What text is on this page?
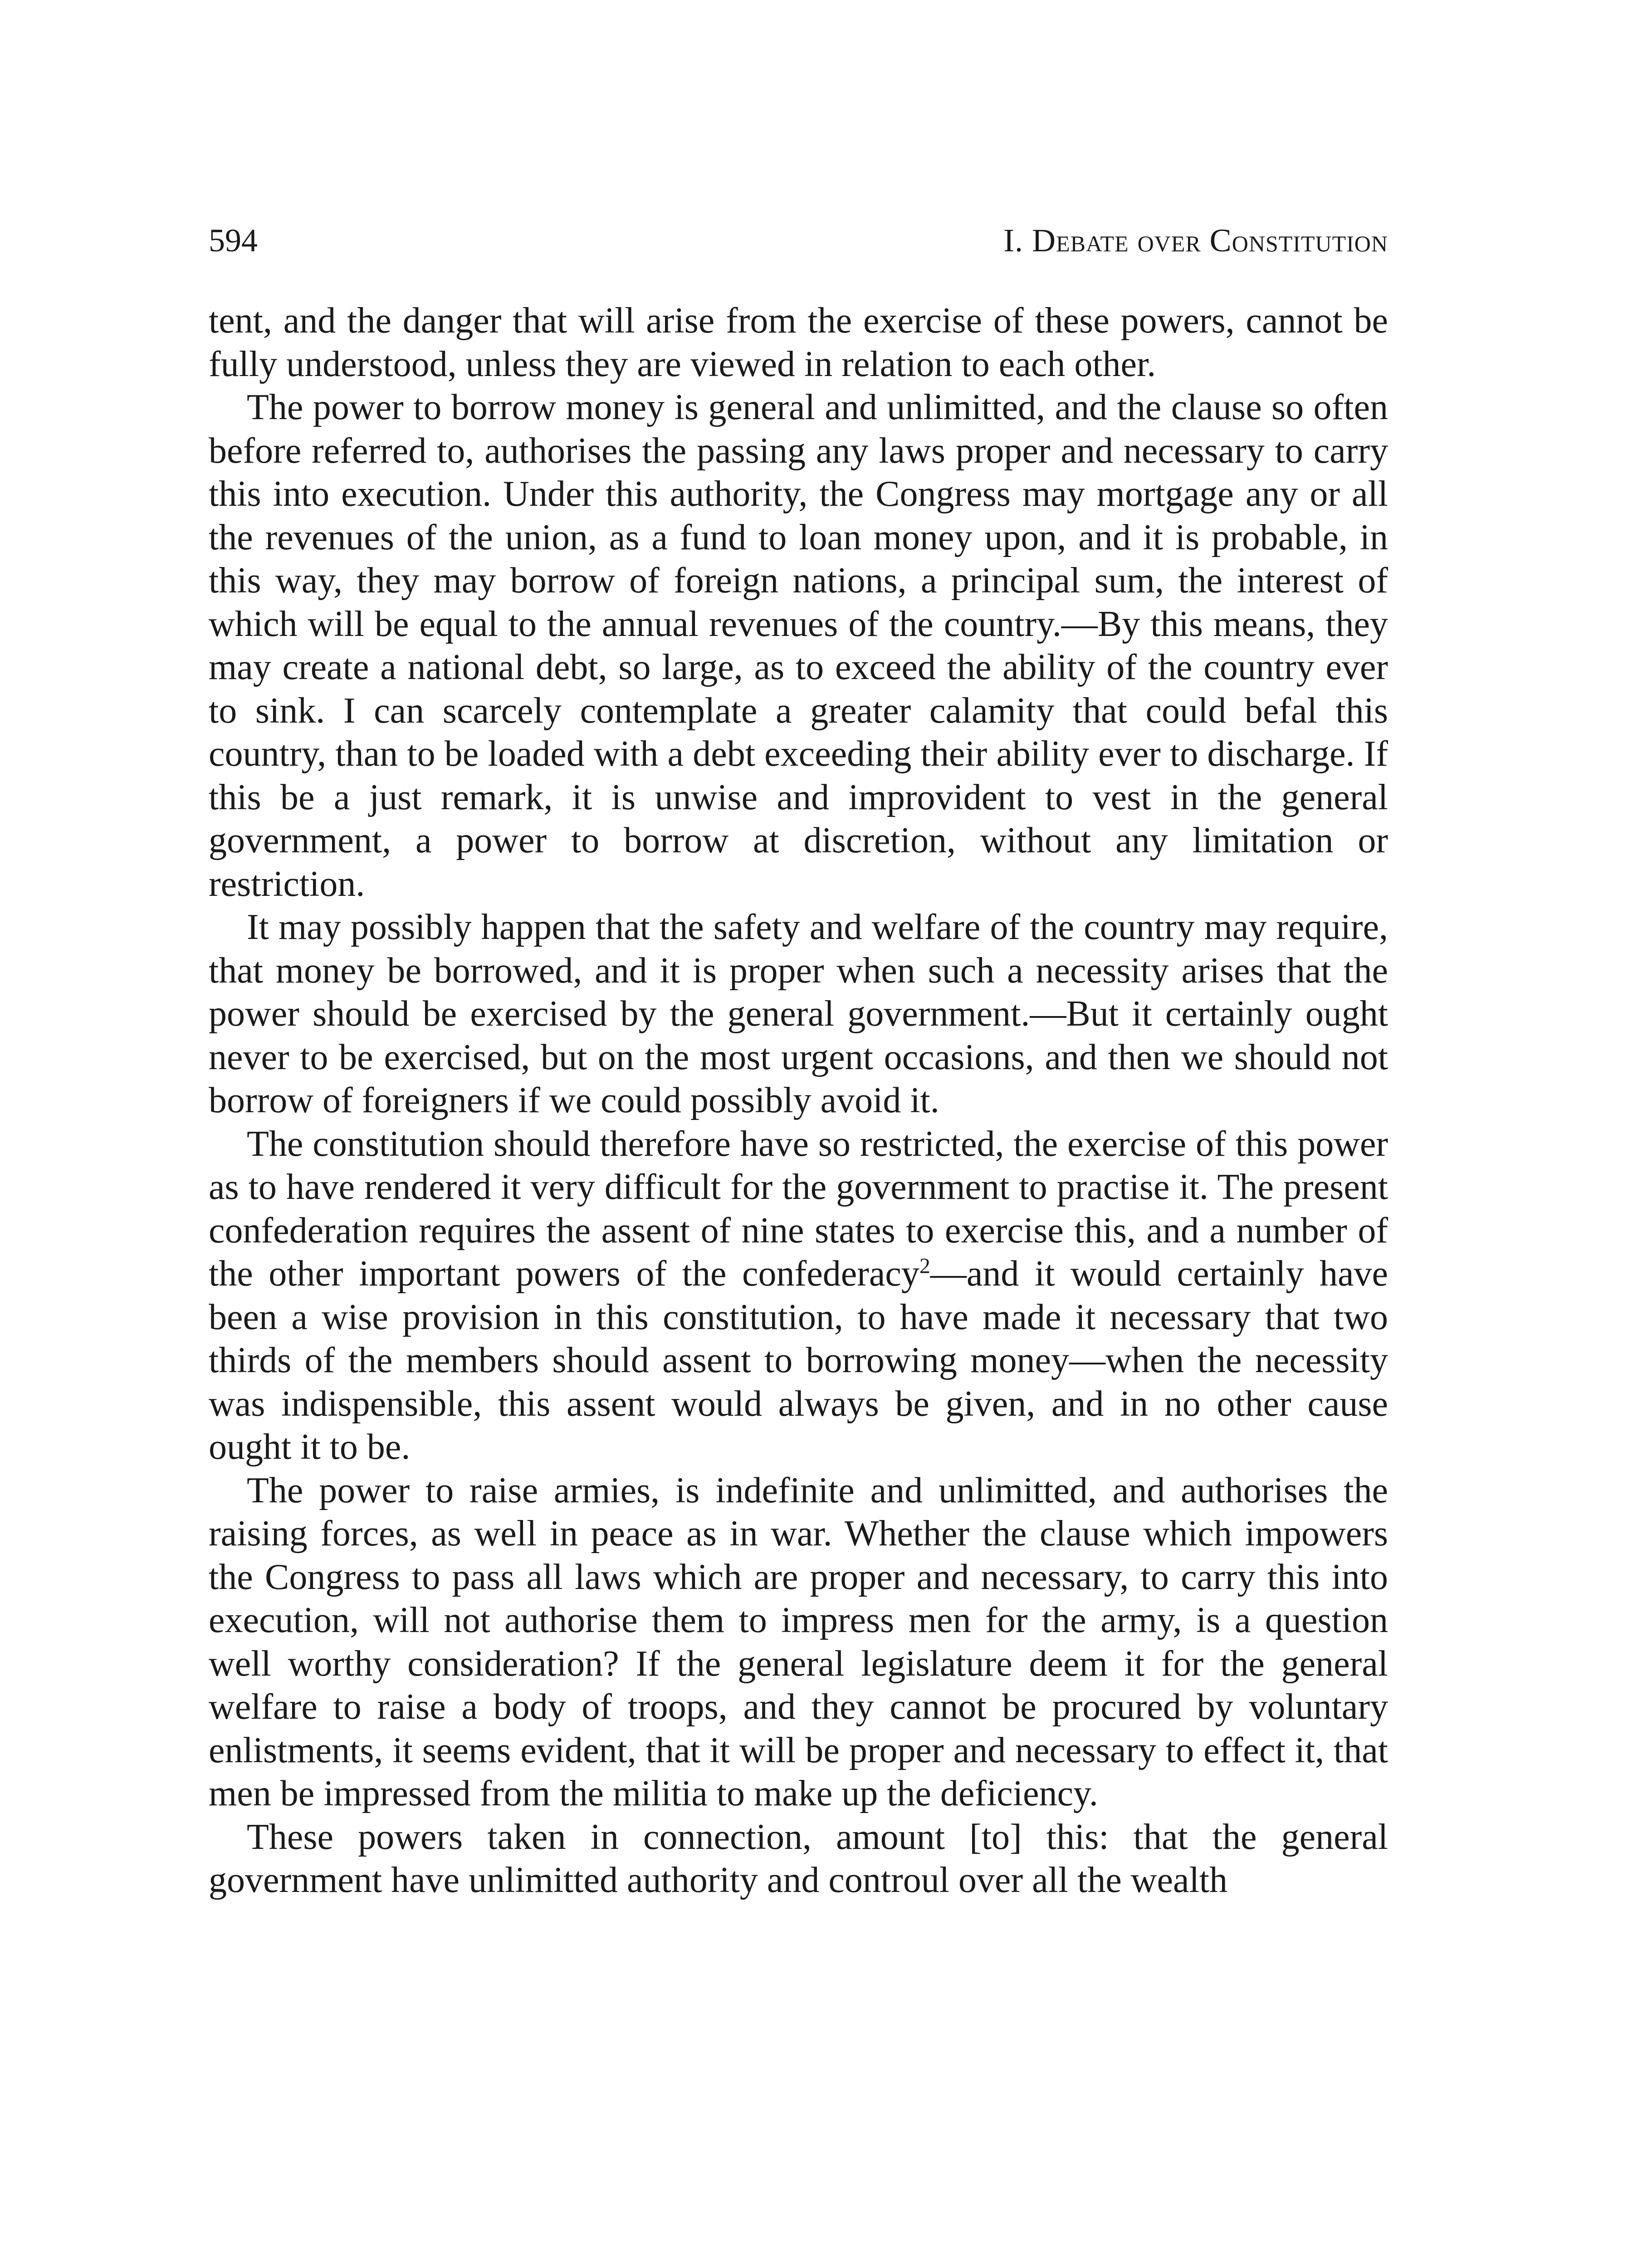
594	I. Debate over Constitution

tent, and the danger that will arise from the exercise of these powers, cannot be fully understood, unless they are viewed in relation to each other.

The power to borrow money is general and unlimitted, and the clause so often before referred to, authorises the passing any laws proper and necessary to carry this into execution. Under this authority, the Congress may mortgage any or all the revenues of the union, as a fund to loan money upon, and it is probable, in this way, they may borrow of foreign nations, a principal sum, the interest of which will be equal to the annual revenues of the country.—By this means, they may create a national debt, so large, as to exceed the ability of the country ever to sink. I can scarcely contemplate a greater calamity that could befal this country, than to be loaded with a debt exceeding their ability ever to discharge. If this be a just remark, it is unwise and improvident to vest in the general government, a power to borrow at discretion, without any limitation or restriction.

It may possibly happen that the safety and welfare of the country may require, that money be borrowed, and it is proper when such a necessity arises that the power should be exercised by the general government.—But it certainly ought never to be exercised, but on the most urgent occasions, and then we should not borrow of foreigners if we could possibly avoid it.

The constitution should therefore have so restricted, the exercise of this power as to have rendered it very difficult for the government to practise it. The present confederation requires the assent of nine states to exercise this, and a number of the other important powers of the confederacy$^2$—and it would certainly have been a wise provision in this constitution, to have made it necessary that two thirds of the members should assent to borrowing money—when the necessity was indispensible, this assent would always be given, and in no other cause ought it to be.

The power to raise armies, is indefinite and unlimitted, and authorises the raising forces, as well in peace as in war. Whether the clause which impowers the Congress to pass all laws which are proper and necessary, to carry this into execution, will not authorise them to impress men for the army, is a question well worthy consideration? If the general legislature deem it for the general welfare to raise a body of troops, and they cannot be procured by voluntary enlistments, it seems evident, that it will be proper and necessary to effect it, that men be impressed from the militia to make up the deficiency.

These powers taken in connection, amount [to] this: that the general government have unlimitted authority and controul over all the wealth
